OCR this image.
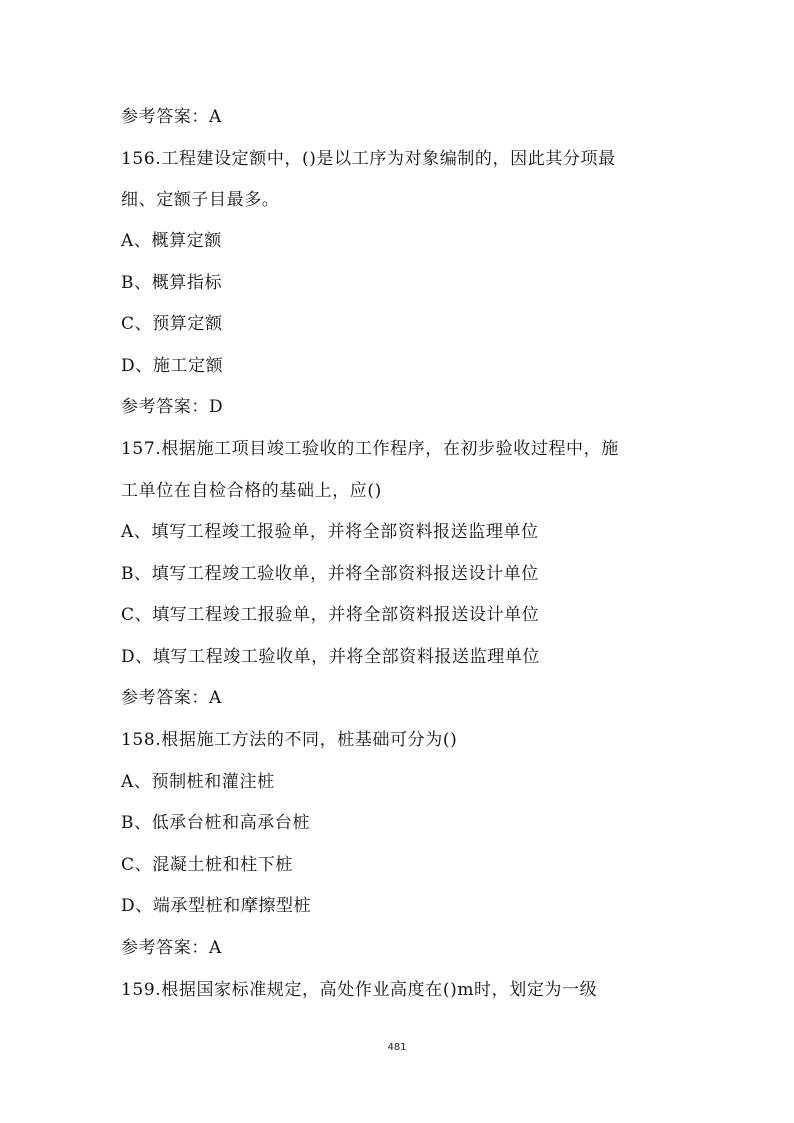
参考答案：A
156.工程建设定额中，()是以工序为对象编制的，因此其分项最
细、定额子目最多。
A、概算定额
B、概算指标
C、预算定额
D、施工定额
参考答案：D
157.根据施工项目竣工验收的工作程序，在初步验收过程中，施
工单位在自检合格的基础上，应()
A、填写工程竣工报验单，并将全部资料报送监理单位
B、填写工程竣工验收单，并将全部资料报送设计单位
C、填写工程竣工报验单，并将全部资料报送设计单位
D、填写工程竣工验收单，并将全部资料报送监理单位
参考答案：A
158.根据施工方法的不同，桩基础可分为()
A、预制桩和灌注桩
B、低承台桩和高承台桩
C、混凝土桩和柱下桩
D、端承型桩和摩擦型桩
参考答案：A
159.根据国家标准规定，高处作业高度在()m时，划定为一级
481
